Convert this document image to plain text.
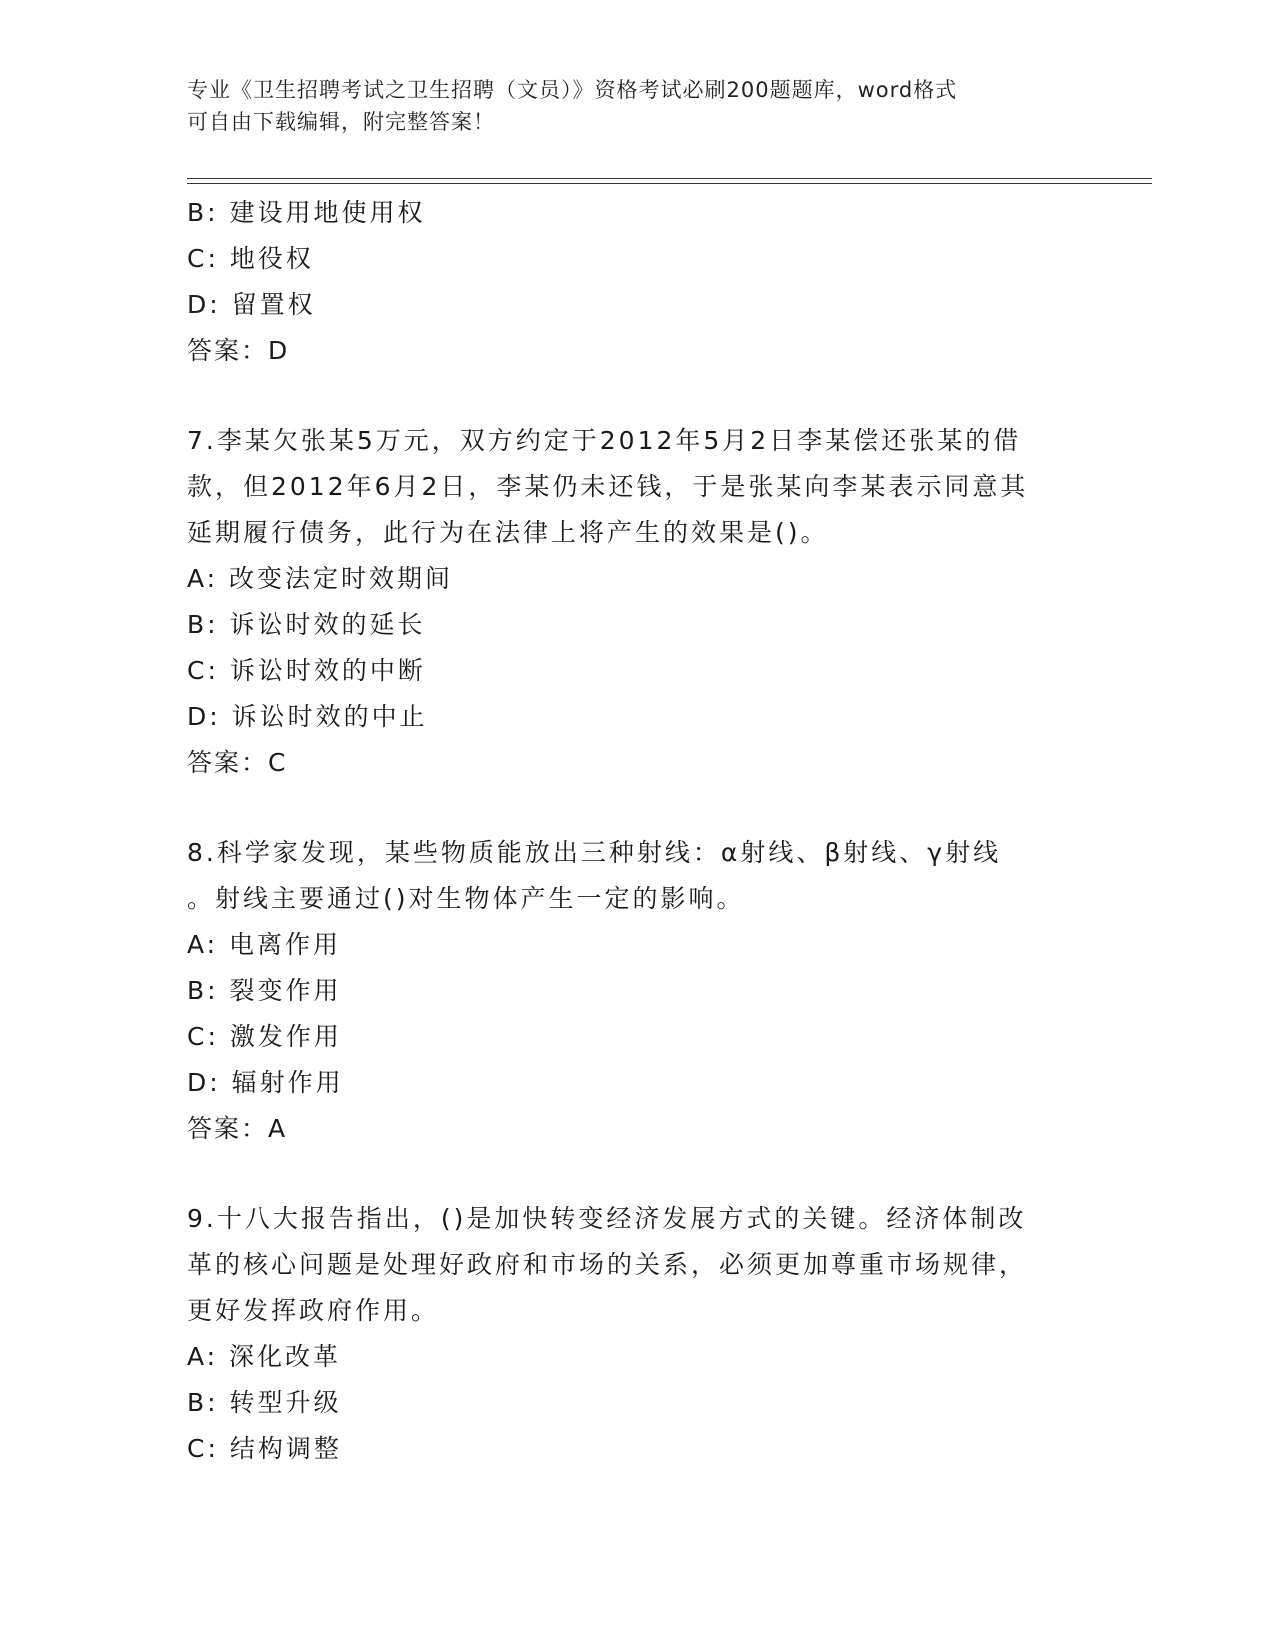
专业《卫生招聘考试之卫生招聘（文员）》资格考试必刷200题题库，word格式
可自由下载编辑，附完整答案！
B: 建设用地使用权
C: 地役权
D: 留置权
答案：D
7.李某欠张某5万元，双方约定于2012年5月2日李某偿还张某的借
款，但2012年6月2日，李某仍未还钱，于是张某向李某表示同意其
延期履行债务，此行为在法律上将产生的效果是()。
A: 改变法定时效期间
B: 诉讼时效的延长
C: 诉讼时效的中断
D: 诉讼时效的中止
答案：C
8.科学家发现，某些物质能放出三种射线：α射线、β射线、γ射线
。射线主要通过()对生物体产生一定的影响。
A: 电离作用
B: 裂变作用
C: 激发作用
D: 辐射作用
答案：A
9.十八大报告指出，()是加快转变经济发展方式的关键。经济体制改
革的核心问题是处理好政府和市场的关系，必须更加尊重市场规律，
更好发挥政府作用。
A: 深化改革
B: 转型升级
C: 结构调整
